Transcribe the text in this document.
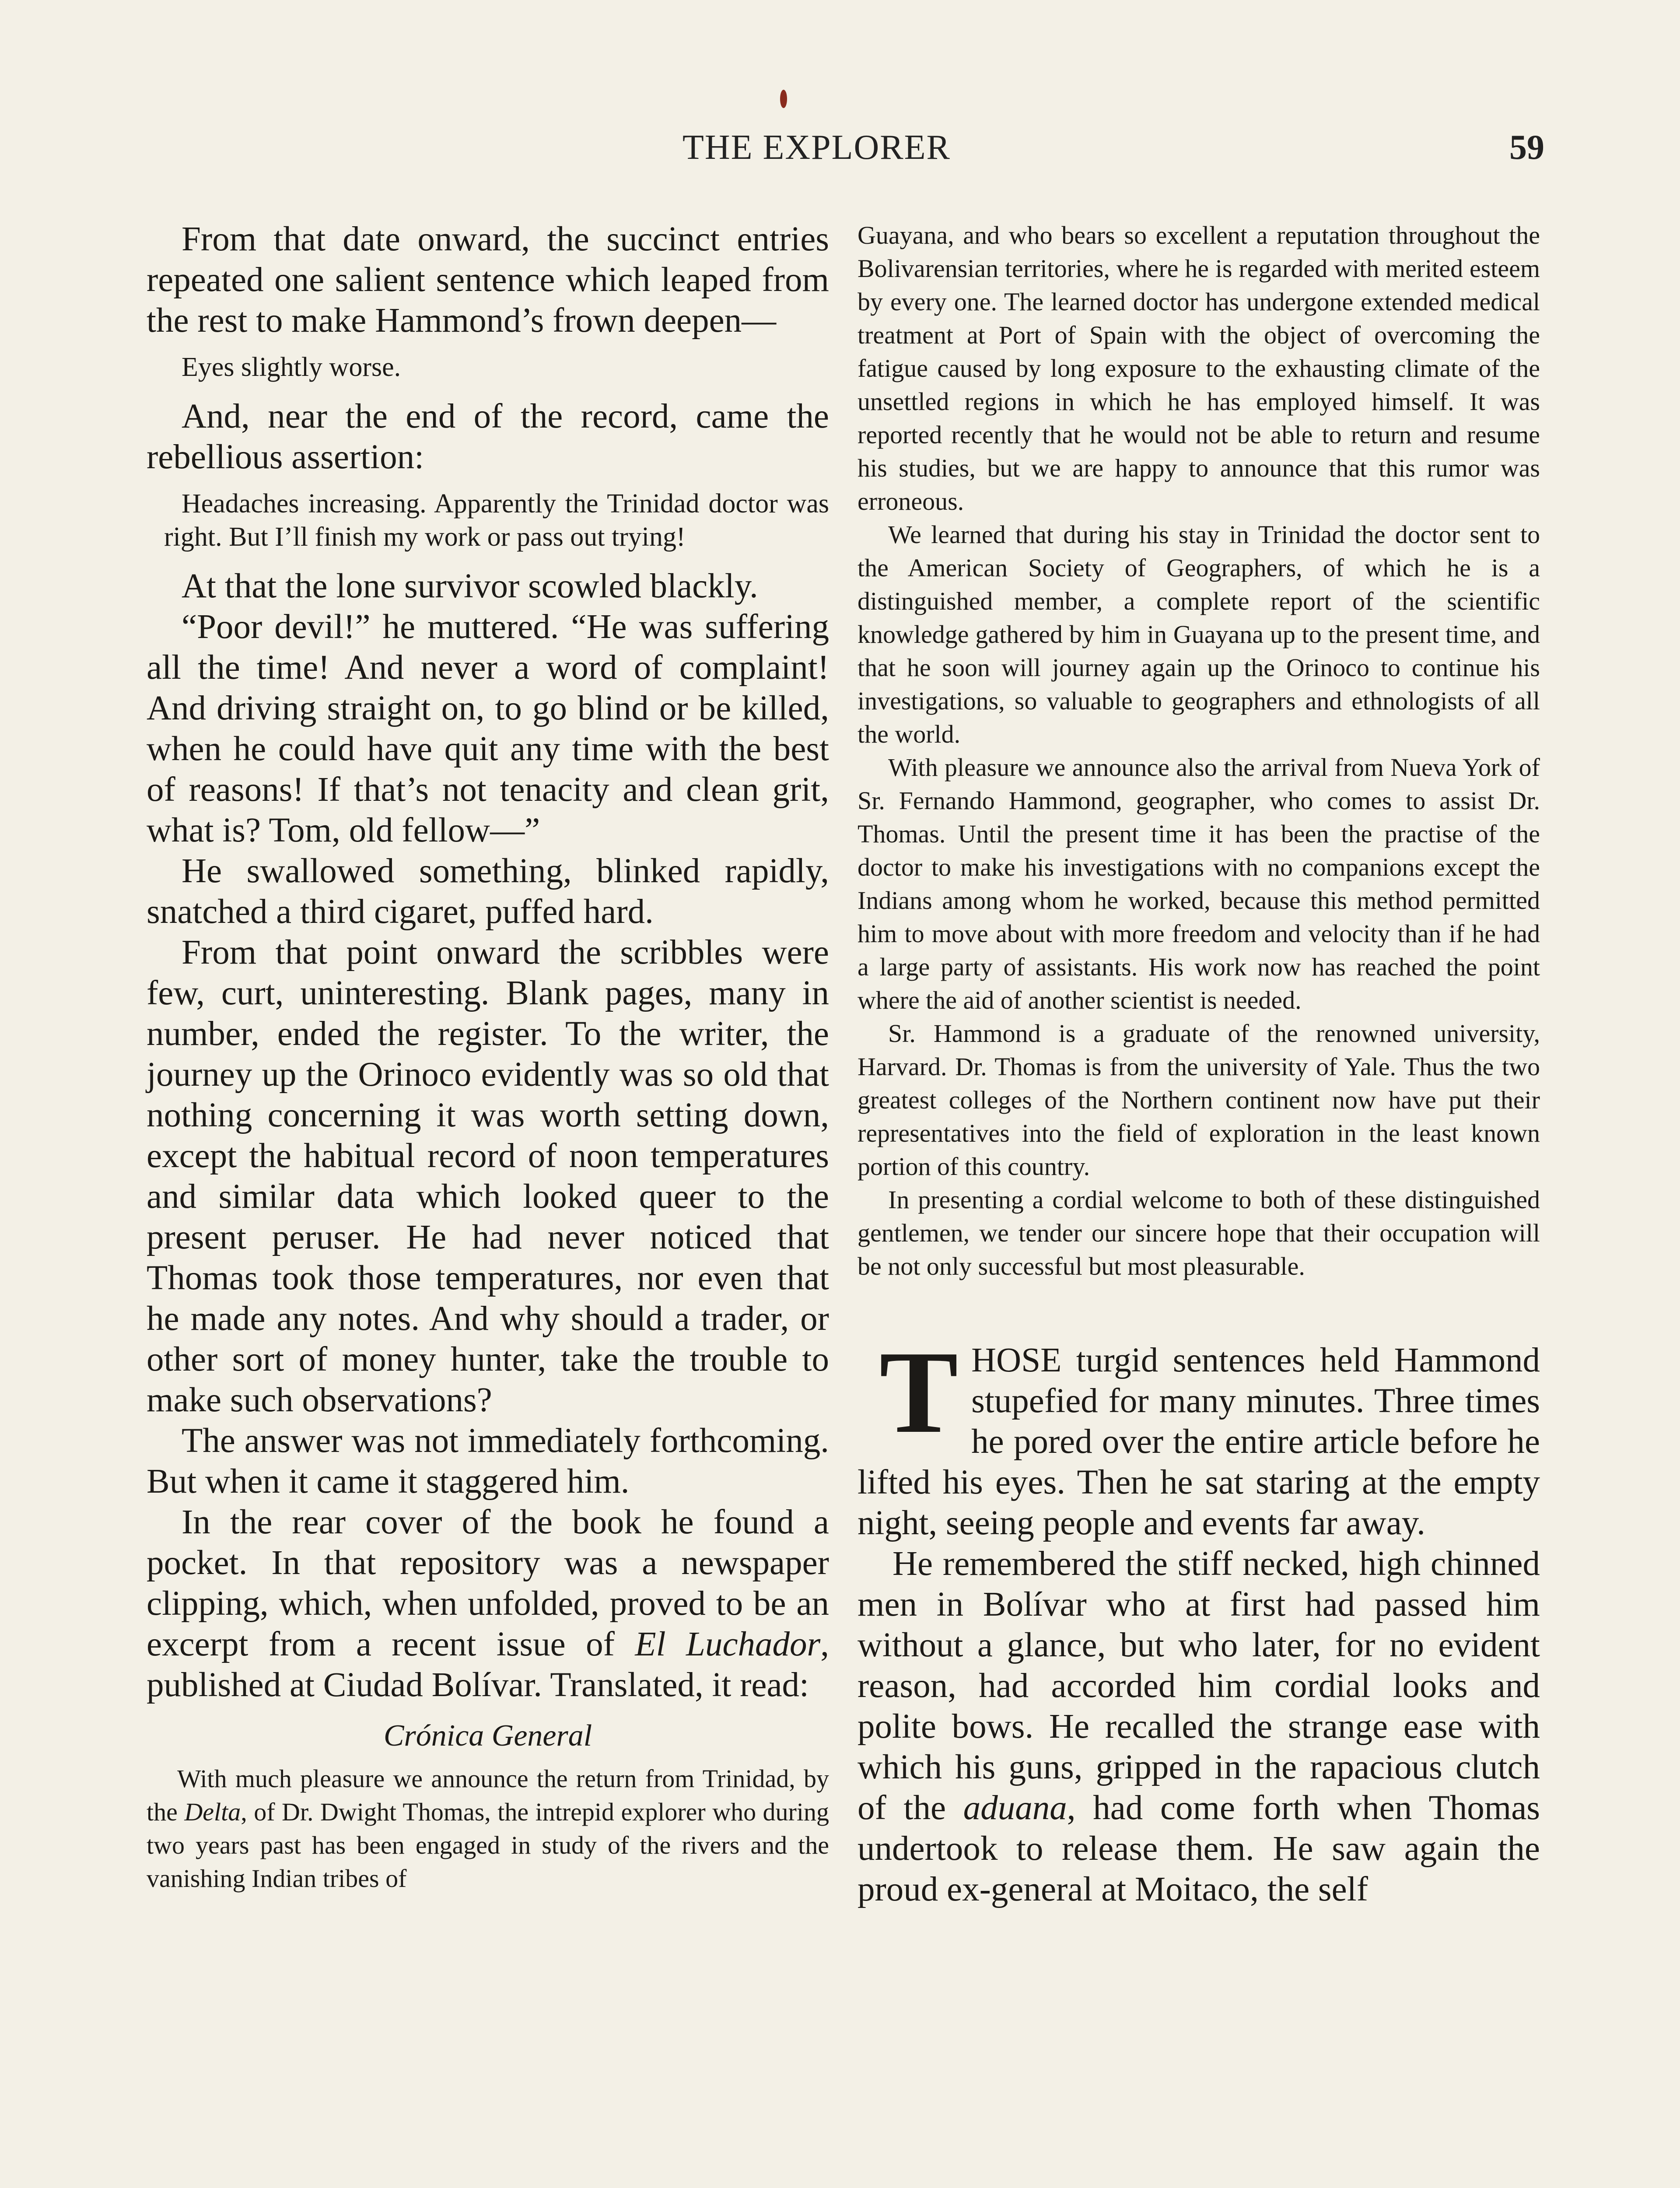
THE EXPLORER	59

From that date onward, the succinct entries repeated one salient sentence which leaped from the rest to make Hammond’s frown deepen—

Eyes slightly worse.

And, near the end of the record, came the rebellious assertion:

Headaches increasing. Apparently the Trinidad doctor was right. But I’ll finish my work or pass out trying!

At that the lone survivor scowled blackly.

“Poor devil!” he muttered. “He was suffering all the time! And never a word of complaint! And driving straight on, to go blind or be killed, when he could have quit any time with the best of reasons! If that’s not tenacity and clean grit, what is? Tom, old fellow—”

He swallowed something, blinked rapidly, snatched a third cigaret, puffed hard.

From that point onward the scribbles were few, curt, uninteresting. Blank pages, many in number, ended the register. To the writer, the journey up the Orinoco evidently was so old that nothing concerning it was worth setting down, except the habitual record of noon temperatures and similar data which looked queer to the present peruser. He had never noticed that Thomas took those temperatures, nor even that he made any notes. And why should a trader, or other sort of money hunter, take the trouble to make such observations?

The answer was not immediately forthcoming. But when it came it staggered him.

In the rear cover of the book he found a pocket. In that repository was a newspaper clipping, which, when unfolded, proved to be an excerpt from a recent issue of El Luchador, published at Ciudad Bolívar. Translated, it read:

Crónica General

With much pleasure we announce the return from Trinidad, by the Delta, of Dr. Dwight Thomas, the intrepid explorer who during two years past has been engaged in study of the rivers and the vanishing Indian tribes of

Guayana, and who bears so excellent a reputation throughout the Bolivarensian territories, where he is regarded with merited esteem by every one. The learned doctor has undergone extended medical treatment at Port of Spain with the object of overcoming the fatigue caused by long exposure to the exhausting climate of the unsettled regions in which he has employed himself. It was reported recently that he would not be able to return and resume his studies, but we are happy to announce that this rumor was erroneous.

We learned that during his stay in Trinidad the doctor sent to the American Society of Geographers, of which he is a distinguished member, a complete report of the scientific knowledge gathered by him in Guayana up to the present time, and that he soon will journey again up the Orinoco to continue his investigations, so valuable to geographers and ethnologists of all the world.

With pleasure we announce also the arrival from Nueva York of Sr. Fernando Hammond, geographer, who comes to assist Dr. Thomas. Until the present time it has been the practise of the doctor to make his investigations with no companions except the Indians among whom he worked, because this method permitted him to move about with more freedom and velocity than if he had a large party of assistants. His work now has reached the point where the aid of another scientist is needed.

Sr. Hammond is a graduate of the renowned university, Harvard. Dr. Thomas is from the university of Yale. Thus the two greatest colleges of the Northern continent now have put their representatives into the field of exploration in the least known portion of this country.

In presenting a cordial welcome to both of these distinguished gentlemen, we tender our sincere hope that their occupation will be not only successful but most pleasurable.

THOSE turgid sentences held Hammond stupefied for many minutes. Three times he pored over the entire article before he lifted his eyes. Then he sat staring at the empty night, seeing people and events far away.

He remembered the stiff necked, high chinned men in Bolívar who at first had passed him without a glance, but who later, for no evident reason, had accorded him cordial looks and polite bows. He recalled the strange ease with which his guns, gripped in the rapacious clutch of the aduana, had come forth when Thomas undertook to release them. He saw again the proud ex-general at Moitaco, the self
